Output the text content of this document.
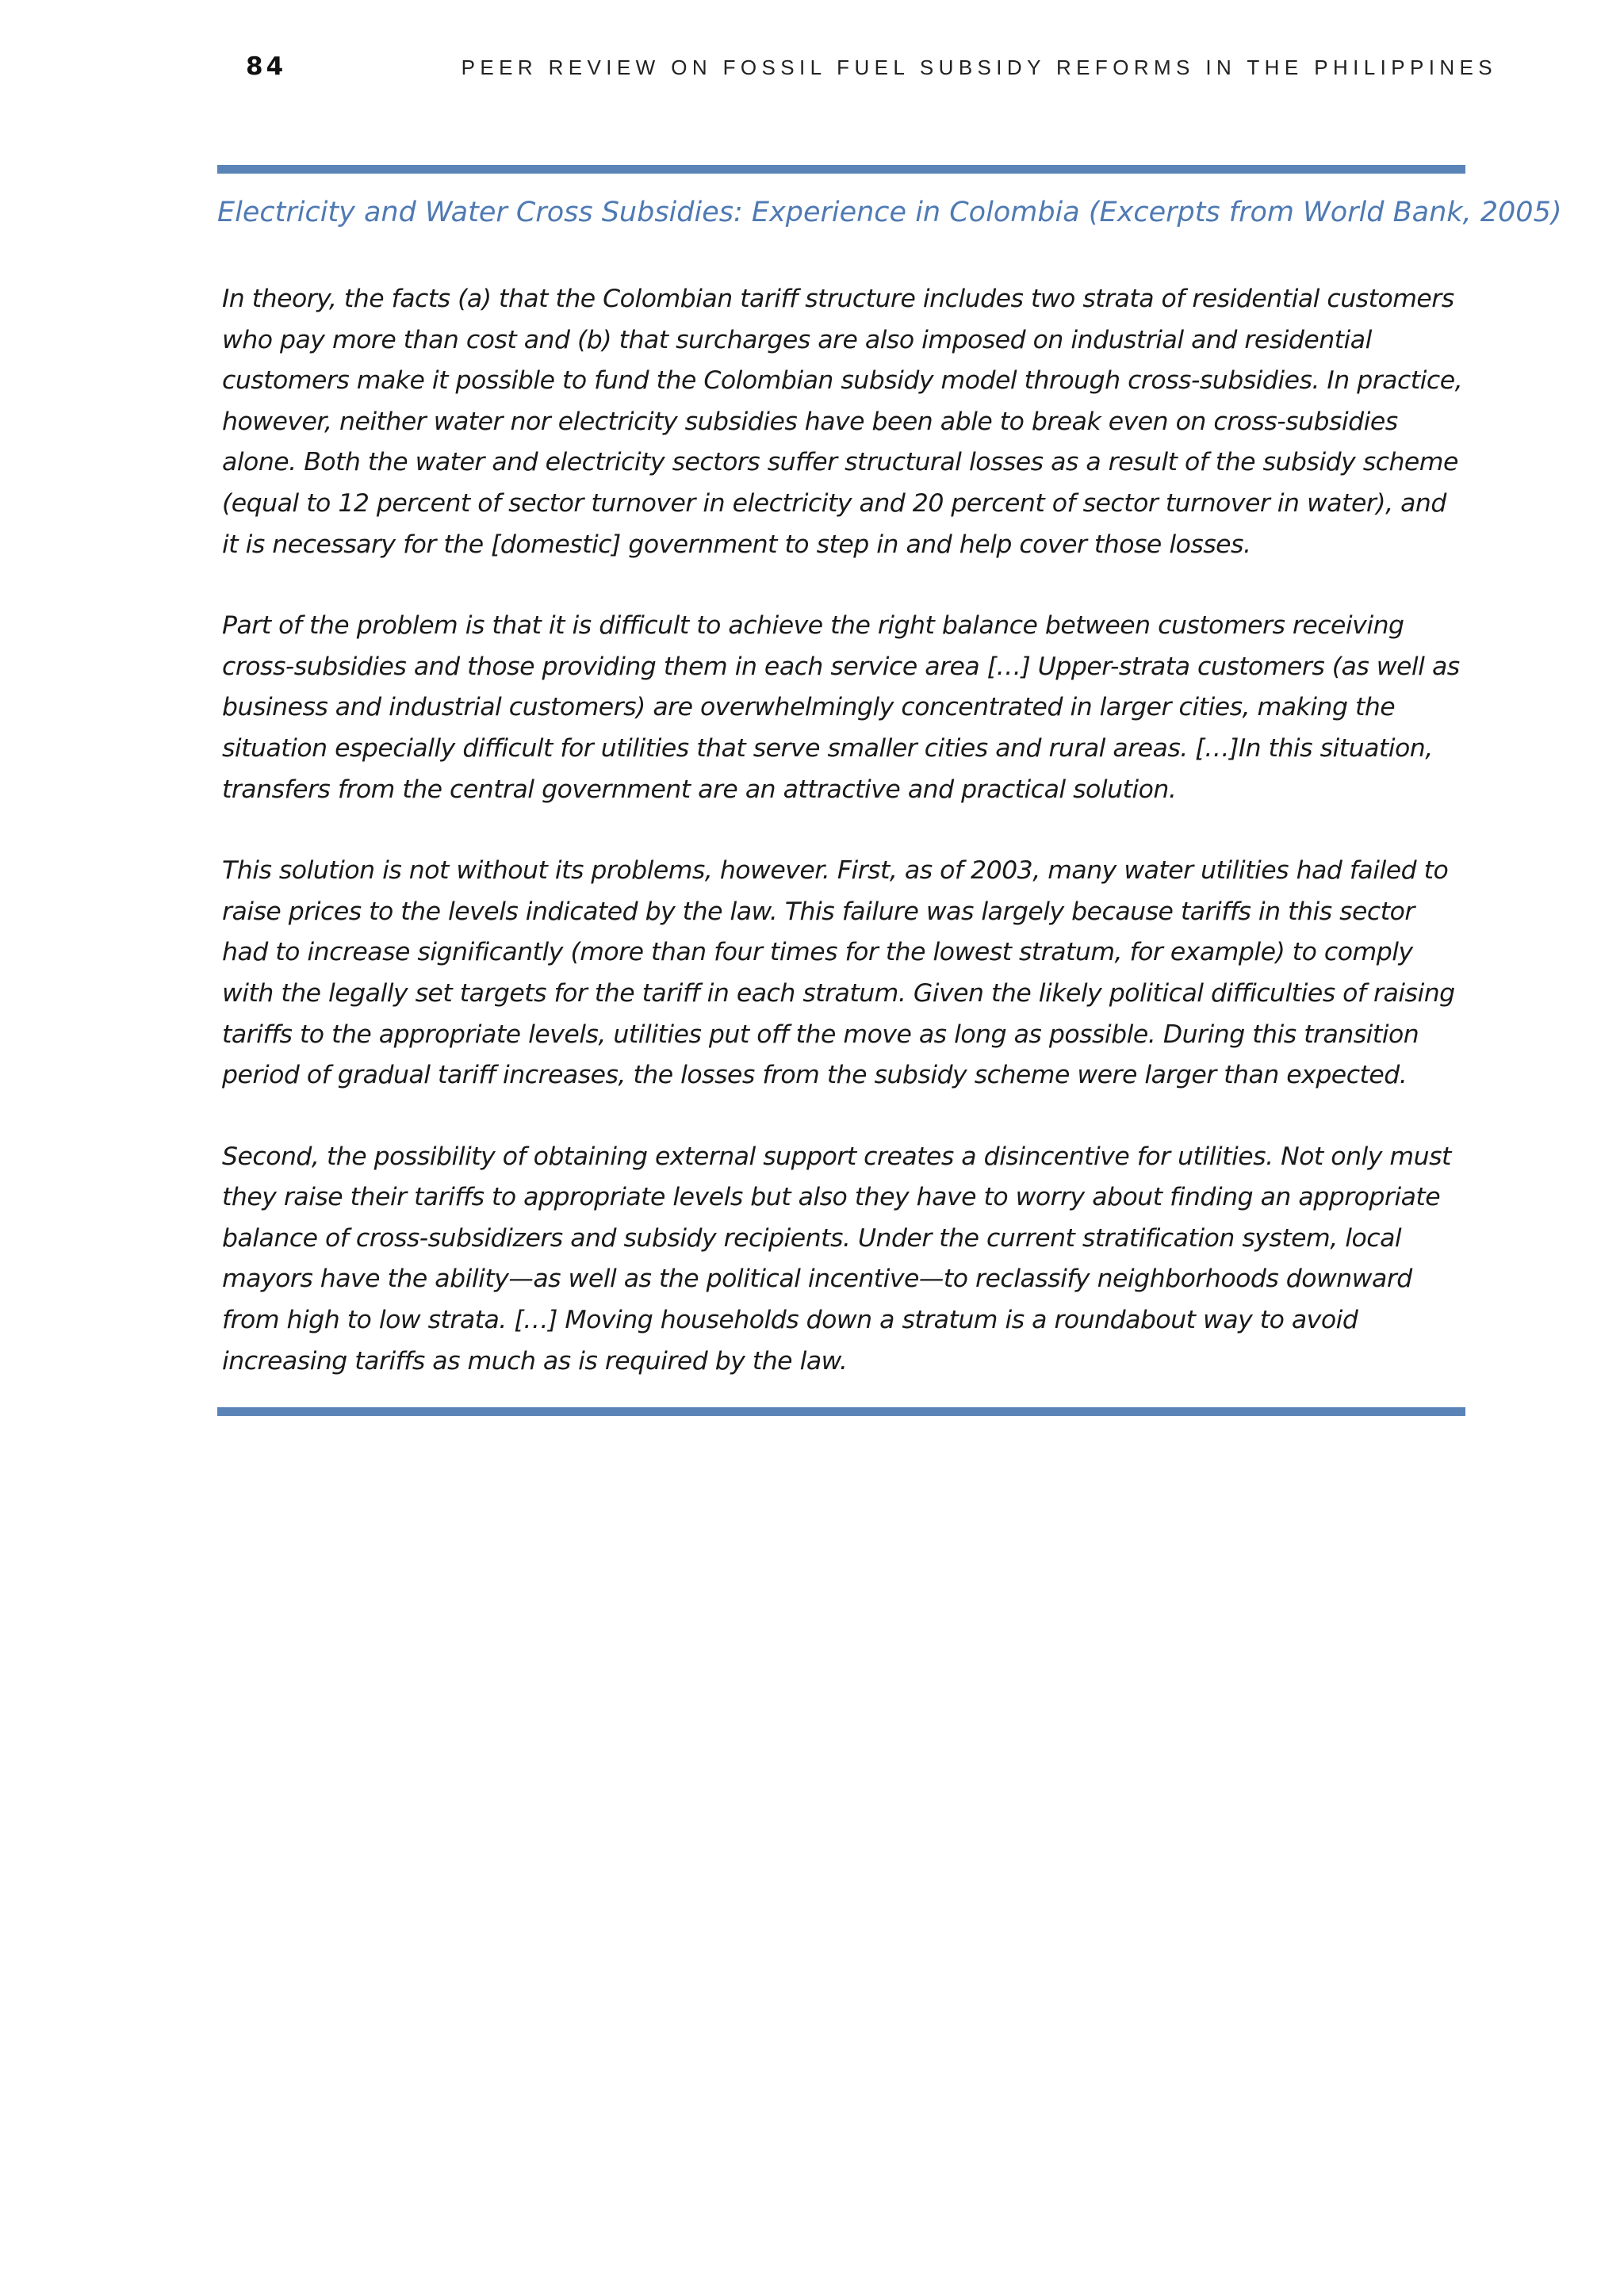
84	PEER REVIEW ON FOSSIL FUEL SUBSIDY REFORMS IN THE PHILIPPINES
Electricity and Water Cross Subsidies: Experience in Colombia (Excerpts from World Bank, 2005)

In theory, the facts (a) that the Colombian tariff structure includes two strata of residential customers who pay more than cost and (b) that surcharges are also imposed on industrial and residential customers make it possible to fund the Colombian subsidy model through cross-subsidies. In practice, however, neither water nor electricity subsidies have been able to break even on cross-subsidies alone. Both the water and electricity sectors suffer structural losses as a result of the subsidy scheme (equal to 12 percent of sector turnover in electricity and 20 percent of sector turnover in water), and it is necessary for the [domestic] government to step in and help cover those losses.

Part of the problem is that it is difficult to achieve the right balance between customers receiving cross-subsidies and those providing them in each service area […] Upper-strata customers (as well as business and industrial customers) are overwhelmingly concentrated in larger cities, making the situation especially difficult for utilities that serve smaller cities and rural areas. […]In this situation, transfers from the central government are an attractive and practical solution.

This solution is not without its problems, however. First, as of 2003, many water utilities had failed to raise prices to the levels indicated by the law. This failure was largely because tariffs in this sector had to increase significantly (more than four times for the lowest stratum, for example) to comply with the legally set targets for the tariff in each stratum. Given the likely political difficulties of raising tariffs to the appropriate levels, utilities put off the move as long as possible. During this transition period of gradual tariff increases, the losses from the subsidy scheme were larger than expected.

Second, the possibility of obtaining external support creates a disincentive for utilities. Not only must they raise their tariffs to appropriate levels but also they have to worry about finding an appropriate balance of cross-subsidizers and subsidy recipients. Under the current stratification system, local mayors have the ability—as well as the political incentive—to reclassify neighborhoods downward from high to low strata. […] Moving households down a stratum is a roundabout way to avoid increasing tariffs as much as is required by the law.
